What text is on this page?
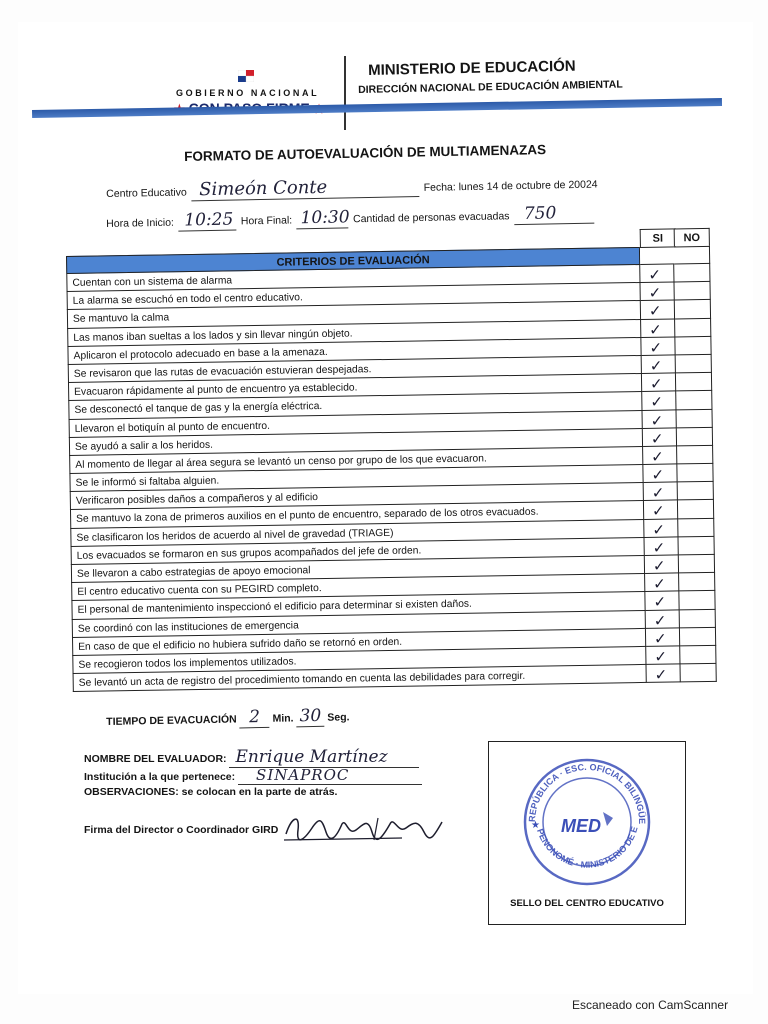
GOBIERNO NACIONAL
MINISTERIO DE EDUCACIÓN
DIRECCIÓN NACIONAL DE EDUCACIÓN AMBIENTAL
FORMATO DE AUTOEVALUACIÓN DE MULTIAMENAZAS
Centro Educativo Simeón Conte	Fecha: lunes 14 de octubre de 20024
Hora de Inicio: 10:25 Hora Final: 10:30 Cantidad de personas evacuadas 750
SI	NO
CRITERIOS DE EVALUACIÓN
Cuentan con un sistema de alarma	✓
La alarma se escuchó en todo el centro educativo.	✓
Se mantuvo la calma	✓
Las manos iban sueltas a los lados y sin llevar ningún objeto.	✓
Aplicaron el protocolo adecuado en base a la amenaza.	✓
Se revisaron que las rutas de evacuación estuvieran despejadas.	✓
Evacuaron rápidamente al punto de encuentro ya establecido.	✓
Se desconectó el tanque de gas y la energía eléctrica.	✓
Llevaron el botiquín al punto de encuentro.	✓
Se ayudó a salir a los heridos.	✓
Al momento de llegar al área segura se levantó un censo por grupo de los que evacuaron.	✓
Se le informó si faltaba alguien.	✓
Verificaron posibles daños a compañeros y al edificio	✓
Se mantuvo la zona de primeros auxilios en el punto de encuentro, separado de los otros evacuados.	✓
Se clasificaron los heridos de acuerdo al nivel de gravedad (TRIAGE)	✓
Los evacuados se formaron en sus grupos acompañados del jefe de orden.	✓
Se llevaron a cabo estrategias de apoyo emocional	✓
El centro educativo cuenta con su PEGIRD completo.	✓
El personal de mantenimiento inspeccionó el edificio para determinar si existen daños.	✓
Se coordinó con las instituciones de emergencia	✓
En caso de que el edificio no hubiera sufrido daño se retornó en orden.	✓
Se recogieron todos los implementos utilizados.	✓
Se levantó un acta de registro del procedimiento tomando en cuenta las debilidades para corregir.	✓
TIEMPO DE EVACUACIÓN 2 Min. 30 Seg.
NOMBRE DEL EVALUADOR: Enrique Martínez
Institución a la que pertenece: SINAPROC
OBSERVACIONES: se colocan en la parte de atrás.
Firma del Director o Coordinador GIRD
REPÚBLICA · ESC. OFICIAL BILINGÜE
PENONOMÉ · MINISTERIO DE E
MED
★
SELLO DEL CENTRO EDUCATIVO
Escaneado con CamScanner
